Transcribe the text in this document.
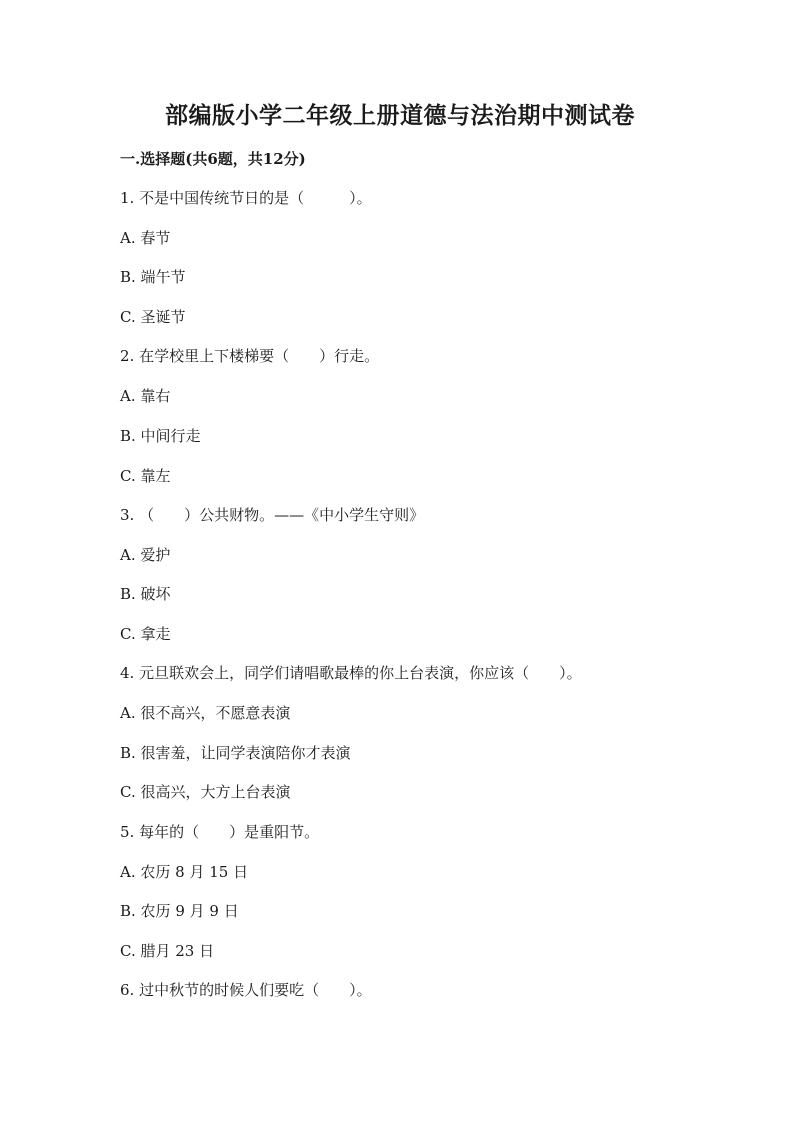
部编版小学二年级上册道德与法治期中测试卷
一.选择题(共6题，共12分)
1. 不是中国传统节日的是（　　　）。
A. 春节
B. 端午节
C. 圣诞节
2. 在学校里上下楼梯要（　　）行走。
A. 靠右
B. 中间行走
C. 靠左
3. （　　）公共财物。——《中小学生守则》
A. 爱护
B. 破坏
C. 拿走
4. 元旦联欢会上，同学们请唱歌最棒的你上台表演，你应该（　　）。
A. 很不高兴，不愿意表演
B. 很害羞，让同学表演陪你才表演
C. 很高兴，大方上台表演
5. 每年的（　　）是重阳节。
A. 农历 8 月 15 日
B. 农历 9 月 9 日
C. 腊月 23 日
6. 过中秋节的时候人们要吃（　　）。
